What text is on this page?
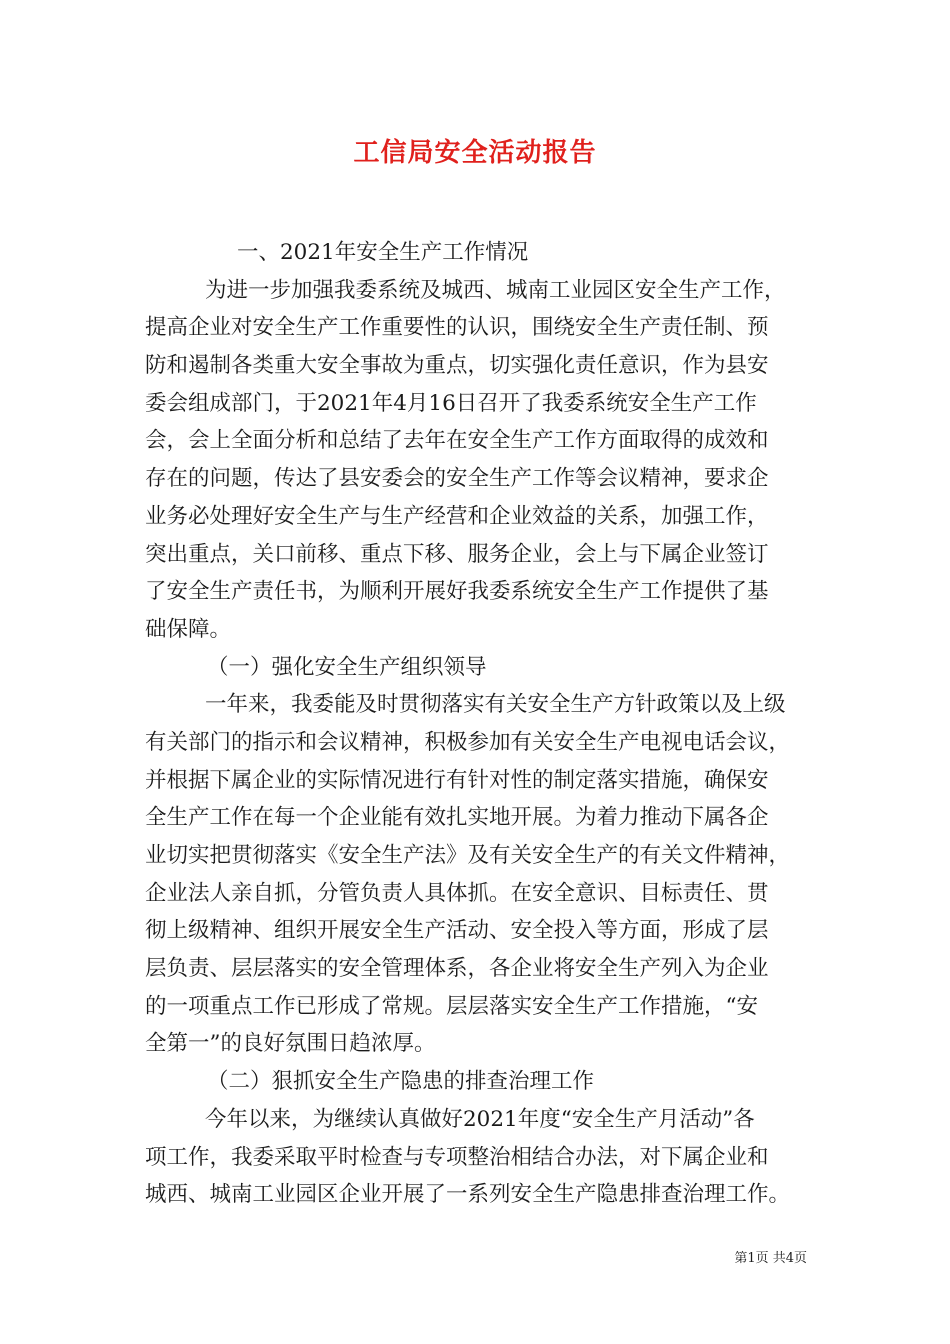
工信局安全活动报告
一、2021年安全生产工作情况
为进一步加强我委系统及城西、城南工业园区安全生产工作，
提高企业对安全生产工作重要性的认识，围绕安全生产责任制、预
防和遏制各类重大安全事故为重点，切实强化责任意识，作为县安
委会组成部门，于2021年4月16日召开了我委系统安全生产工作
会，会上全面分析和总结了去年在安全生产工作方面取得的成效和
存在的问题，传达了县安委会的安全生产工作等会议精神，要求企
业务必处理好安全生产与生产经营和企业效益的关系，加强工作，
突出重点，关口前移、重点下移、服务企业，会上与下属企业签订
了安全生产责任书，为顺利开展好我委系统安全生产工作提供了基
础保障。
（一）强化安全生产组织领导
一年来，我委能及时贯彻落实有关安全生产方针政策以及上级
有关部门的指示和会议精神，积极参加有关安全生产电视电话会议，
并根据下属企业的实际情况进行有针对性的制定落实措施，确保安
全生产工作在每一个企业能有效扎实地开展。为着力推动下属各企
业切实把贯彻落实《安全生产法》及有关安全生产的有关文件精神，
企业法人亲自抓，分管负责人具体抓。在安全意识、目标责任、贯
彻上级精神、组织开展安全生产活动、安全投入等方面，形成了层
层负责、层层落实的安全管理体系，各企业将安全生产列入为企业
的一项重点工作已形成了常规。层层落实安全生产工作措施，“安
全第一”的良好氛围日趋浓厚。
（二）狠抓安全生产隐患的排查治理工作
今年以来，为继续认真做好2021年度“安全生产月活动”各
项工作，我委采取平时检查与专项整治相结合办法，对下属企业和
城西、城南工业园区企业开展了一系列安全生产隐患排查治理工作。
第1页 共4页
